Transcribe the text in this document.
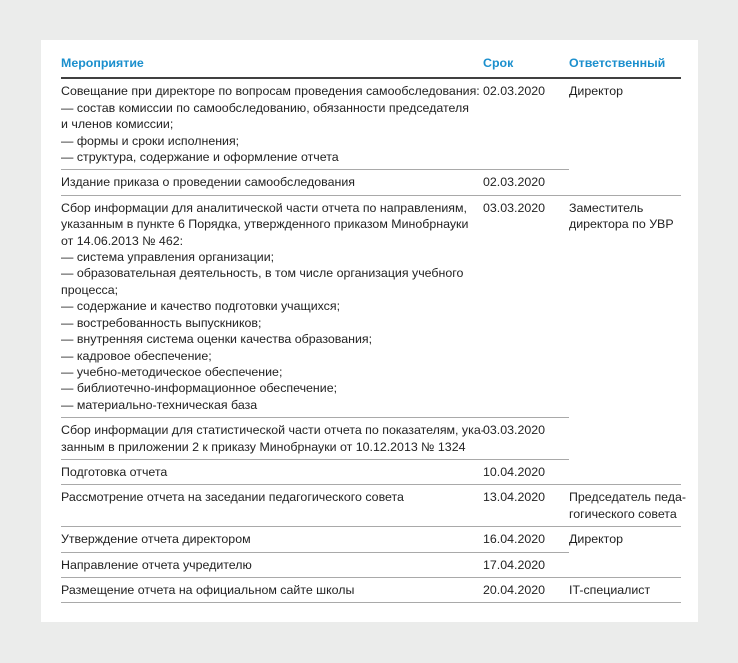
Мероприятие	Срок	Ответственный

Совещание при директоре по вопросам проведения самообследования:
— состав комиссии по самообследованию, обязанности председателя
и членов комиссии;
— формы и сроки исполнения;
— структура, содержание и оформление отчета	02.03.2020	Директор

Издание приказа о проведении самообследования	02.03.2020	

Сбор информации для аналитической части отчета по направлениям,
указанным в пункте 6 Порядка, утвержденного приказом Минобрнауки
от 14.06.2013 № 462:
— система управления организации;
— образовательная деятельность, в том числе организация учебного
процесса;
— содержание и качество подготовки учащихся;
— востребованность выпускников;
— внутренняя система оценки качества образования;
— кадровое обеспечение;
— учебно-методическое обеспечение;
— библиотечно-информационное обеспечение;
— материально-техническая база
	03.03.2020	Заместитель
директора по УВР

Сбор информации для статистической части отчета по показателям, ука-
занным в приложении 2 к приказу Минобрнауки от 10.12.2013 № 1324	03.03.2020	

Подготовка отчета	10.04.2020	

Рассмотрение отчета на заседании педагогического совета	13.04.2020	Председатель педа-
гогического совета

Утверждение отчета директором	16.04.2020	Директор

Направление отчета учредителю	17.04.2020	

Размещение отчета на официальном сайте школы	20.04.2020	IT-специалист
